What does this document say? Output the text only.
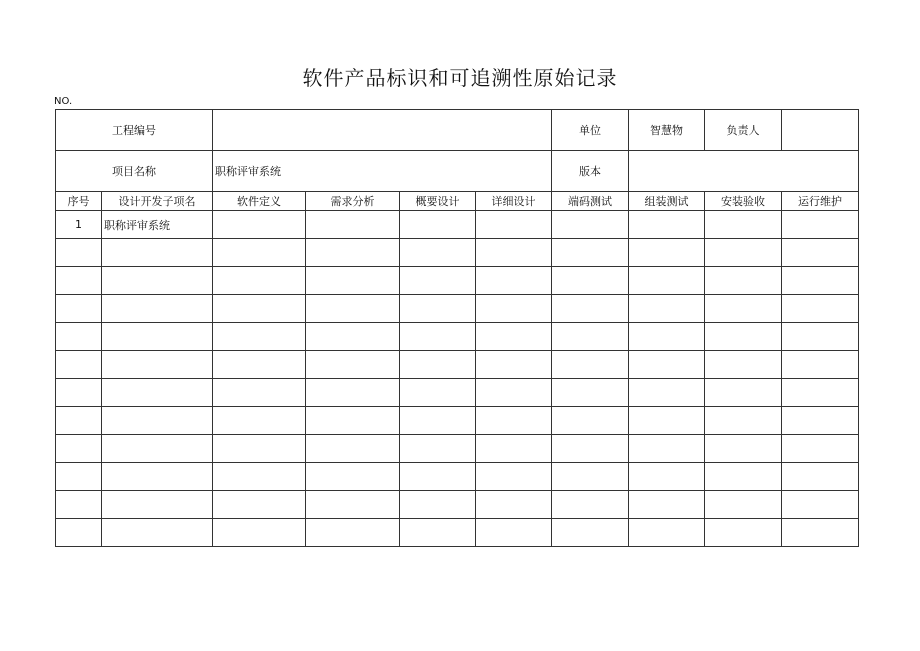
软件产品标识和可追溯性原始记录
NO.
工程编号						单位	智慧物	负责人	
项目名称		职称评审系统				版本			
序号	设计开发子项名	软件定义	需求分析	概要设计	详细设计	端码测试	组装测试	安装验收	运行维护
1	职称评审系统								
